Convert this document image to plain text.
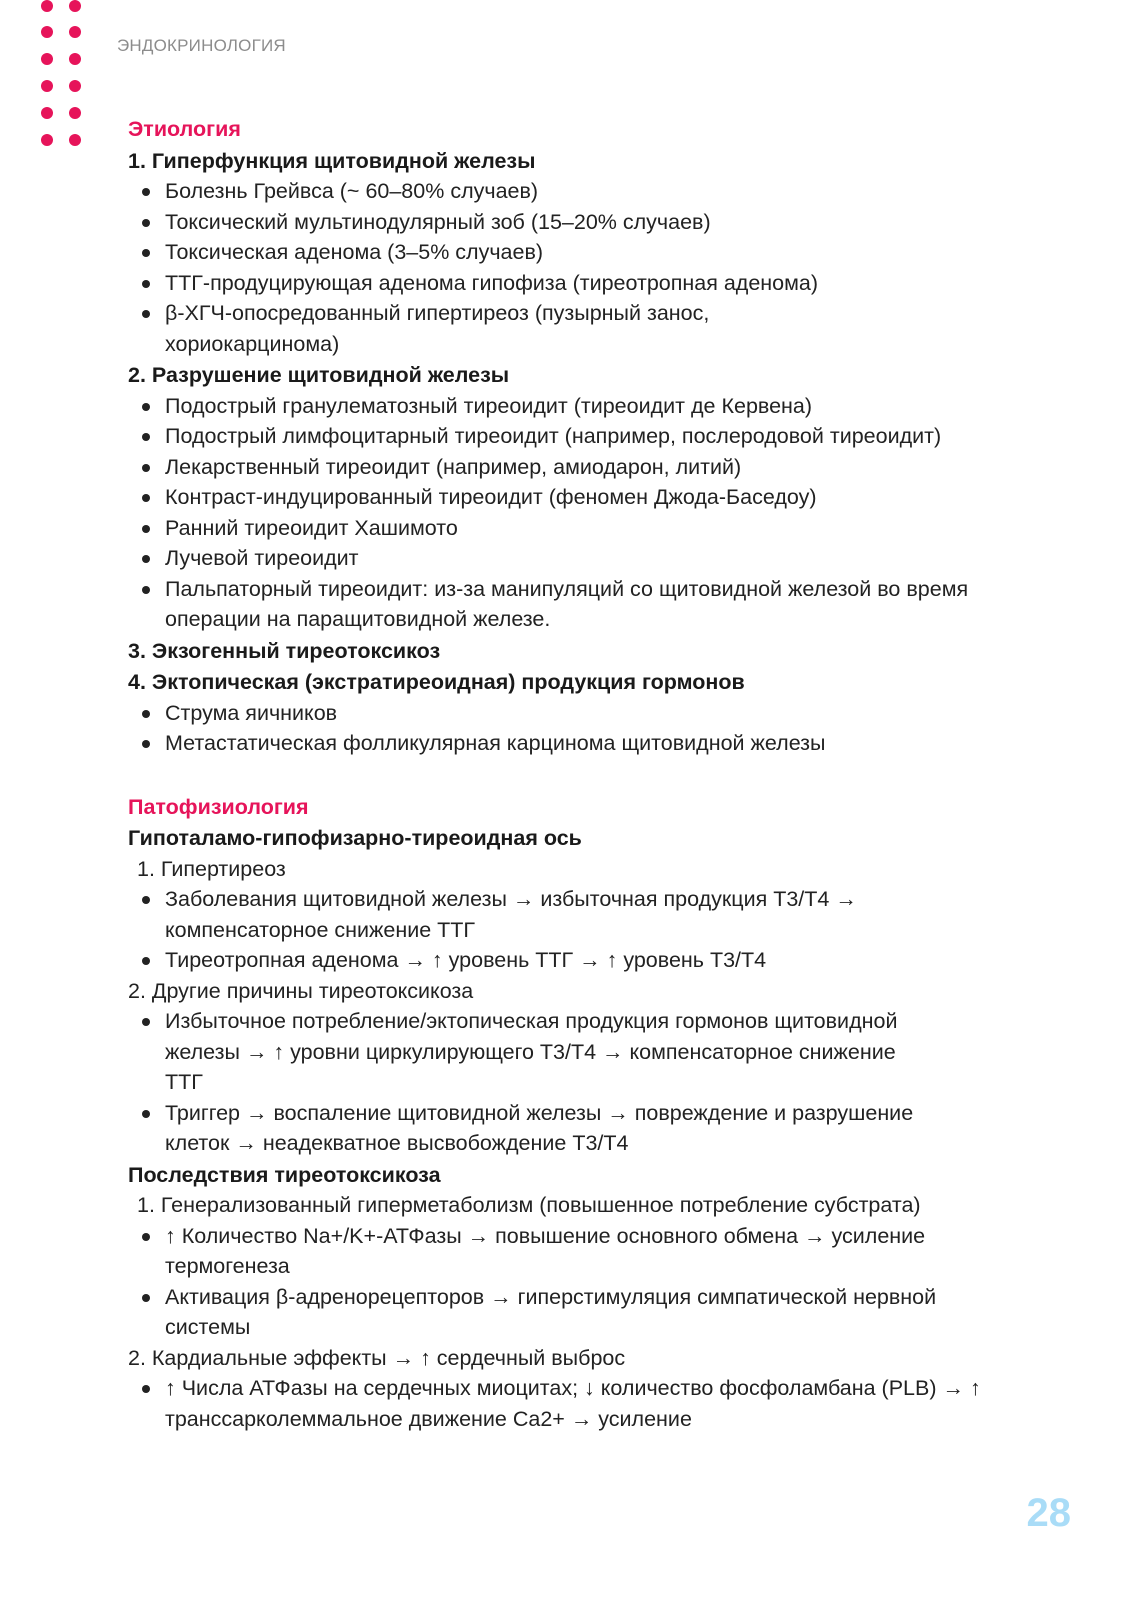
ЭНДОКРИНОЛОГИЯ

Этиология

1. Гиперфункция щитовидной железы

Болезнь Грейвса (~ 60–80% случаев)
Токсический мультинодулярный зоб (15–20% случаев)
Токсическая аденома (3–5% случаев)
ТТГ-продуцирующая аденома гипофиза (тиреотропная аденома)
β-ХГЧ-опосредованный гипертиреоз (пузырный занос, хориокарцинома)

2. Разрушение щитовидной железы

Подострый гранулематозный тиреоидит (тиреоидит де Кервена)
Подострый лимфоцитарный тиреоидит (например, послеродовой тиреоидит)
Лекарственный тиреоидит (например, амиодарон, литий)
Контраст-индуцированный тиреоидит (феномен Джода-Баседоу)
Ранний тиреоидит Хашимото
Лучевой тиреоидит
Пальпаторный тиреоидит: из-за манипуляций со щитовидной железой во время операции на паращитовидной железе.

3. Экзогенный тиреотоксикоз

4. Эктопическая (экстратиреоидная) продукция гормонов

Струма яичников
Метастатическая фолликулярная карцинома щитовидной железы

Патофизиология

Гипоталамо-гипофизарно-тиреоидная ось

1. Гипертиреоз

Заболевания щитовидной железы → избыточная продукция Т3/Т4 → компенсаторное снижение ТТГ
Тиреотропная аденома → ↑ уровень ТТГ → ↑ уровень Т3/Т4

2. Другие причины тиреотоксикоза

Избыточное потребление/эктопическая продукция гормонов щитовидной железы → ↑ уровни циркулирующего Т3/Т4 → компенсаторное снижение ТТГ
Триггер → воспаление щитовидной железы → повреждение и разрушение клеток → неадекватное высвобождение Т3/Т4

Последствия тиреотоксикоза

1. Генерализованный гиперметаболизм (повышенное потребление субстрата)

↑ Количество Na+/K+-АТФазы → повышение основного обмена → усиление термогенеза
Активация β-адренорецепторов → гиперстимуляция симпатической нервной системы

2. Кардиальные эффекты → ↑ сердечный выброс

↑ Числа АТФазы на сердечных миоцитах; ↓ количество фосфоламбана (PLB) → ↑ транссарколеммальное движение Ca2+ → усиление
28
